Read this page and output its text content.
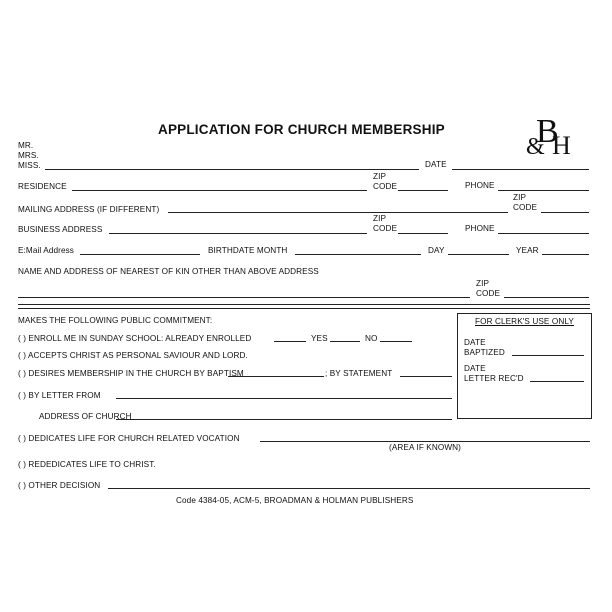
APPLICATION FOR CHURCH MEMBERSHIP	B
& H
MR.
MRS.
MISS.	DATE
ZIP
RESIDENCE	CODE	PHONE
ZIP
MAILING ADDRESS (IF DIFFERENT)	CODE
ZIP
BUSINESS ADDRESS	CODE	PHONE
E:Mail Address	BIRTHDATE MONTH	DAY	YEAR
NAME AND ADDRESS OF NEAREST OF KIN OTHER THAN ABOVE ADDRESS
ZIP
CODE
MAKES THE FOLLOWING PUBLIC COMMITMENT:
( ) ENROLL ME IN SUNDAY SCHOOL: ALREADY ENROLLED	YES	NO
( ) ACCEPTS CHRIST AS PERSONAL SAVIOUR AND LORD.
( ) DESIRES MEMBERSHIP IN THE CHURCH BY BAPTISM	; BY STATEMENT
( ) BY LETTER FROM
ADDRESS OF CHURCH
( ) DEDICATES LIFE FOR CHURCH RELATED VOCATION
(AREA IF KNOWN)
( ) REDEDICATES LIFE TO CHRIST.
( ) OTHER DECISION
Code 4384-05, ACM-5, BROADMAN & HOLMAN PUBLISHERS
FOR CLERK'S USE ONLY
DATE
BAPTIZED
DATE
LETTER REC'D
